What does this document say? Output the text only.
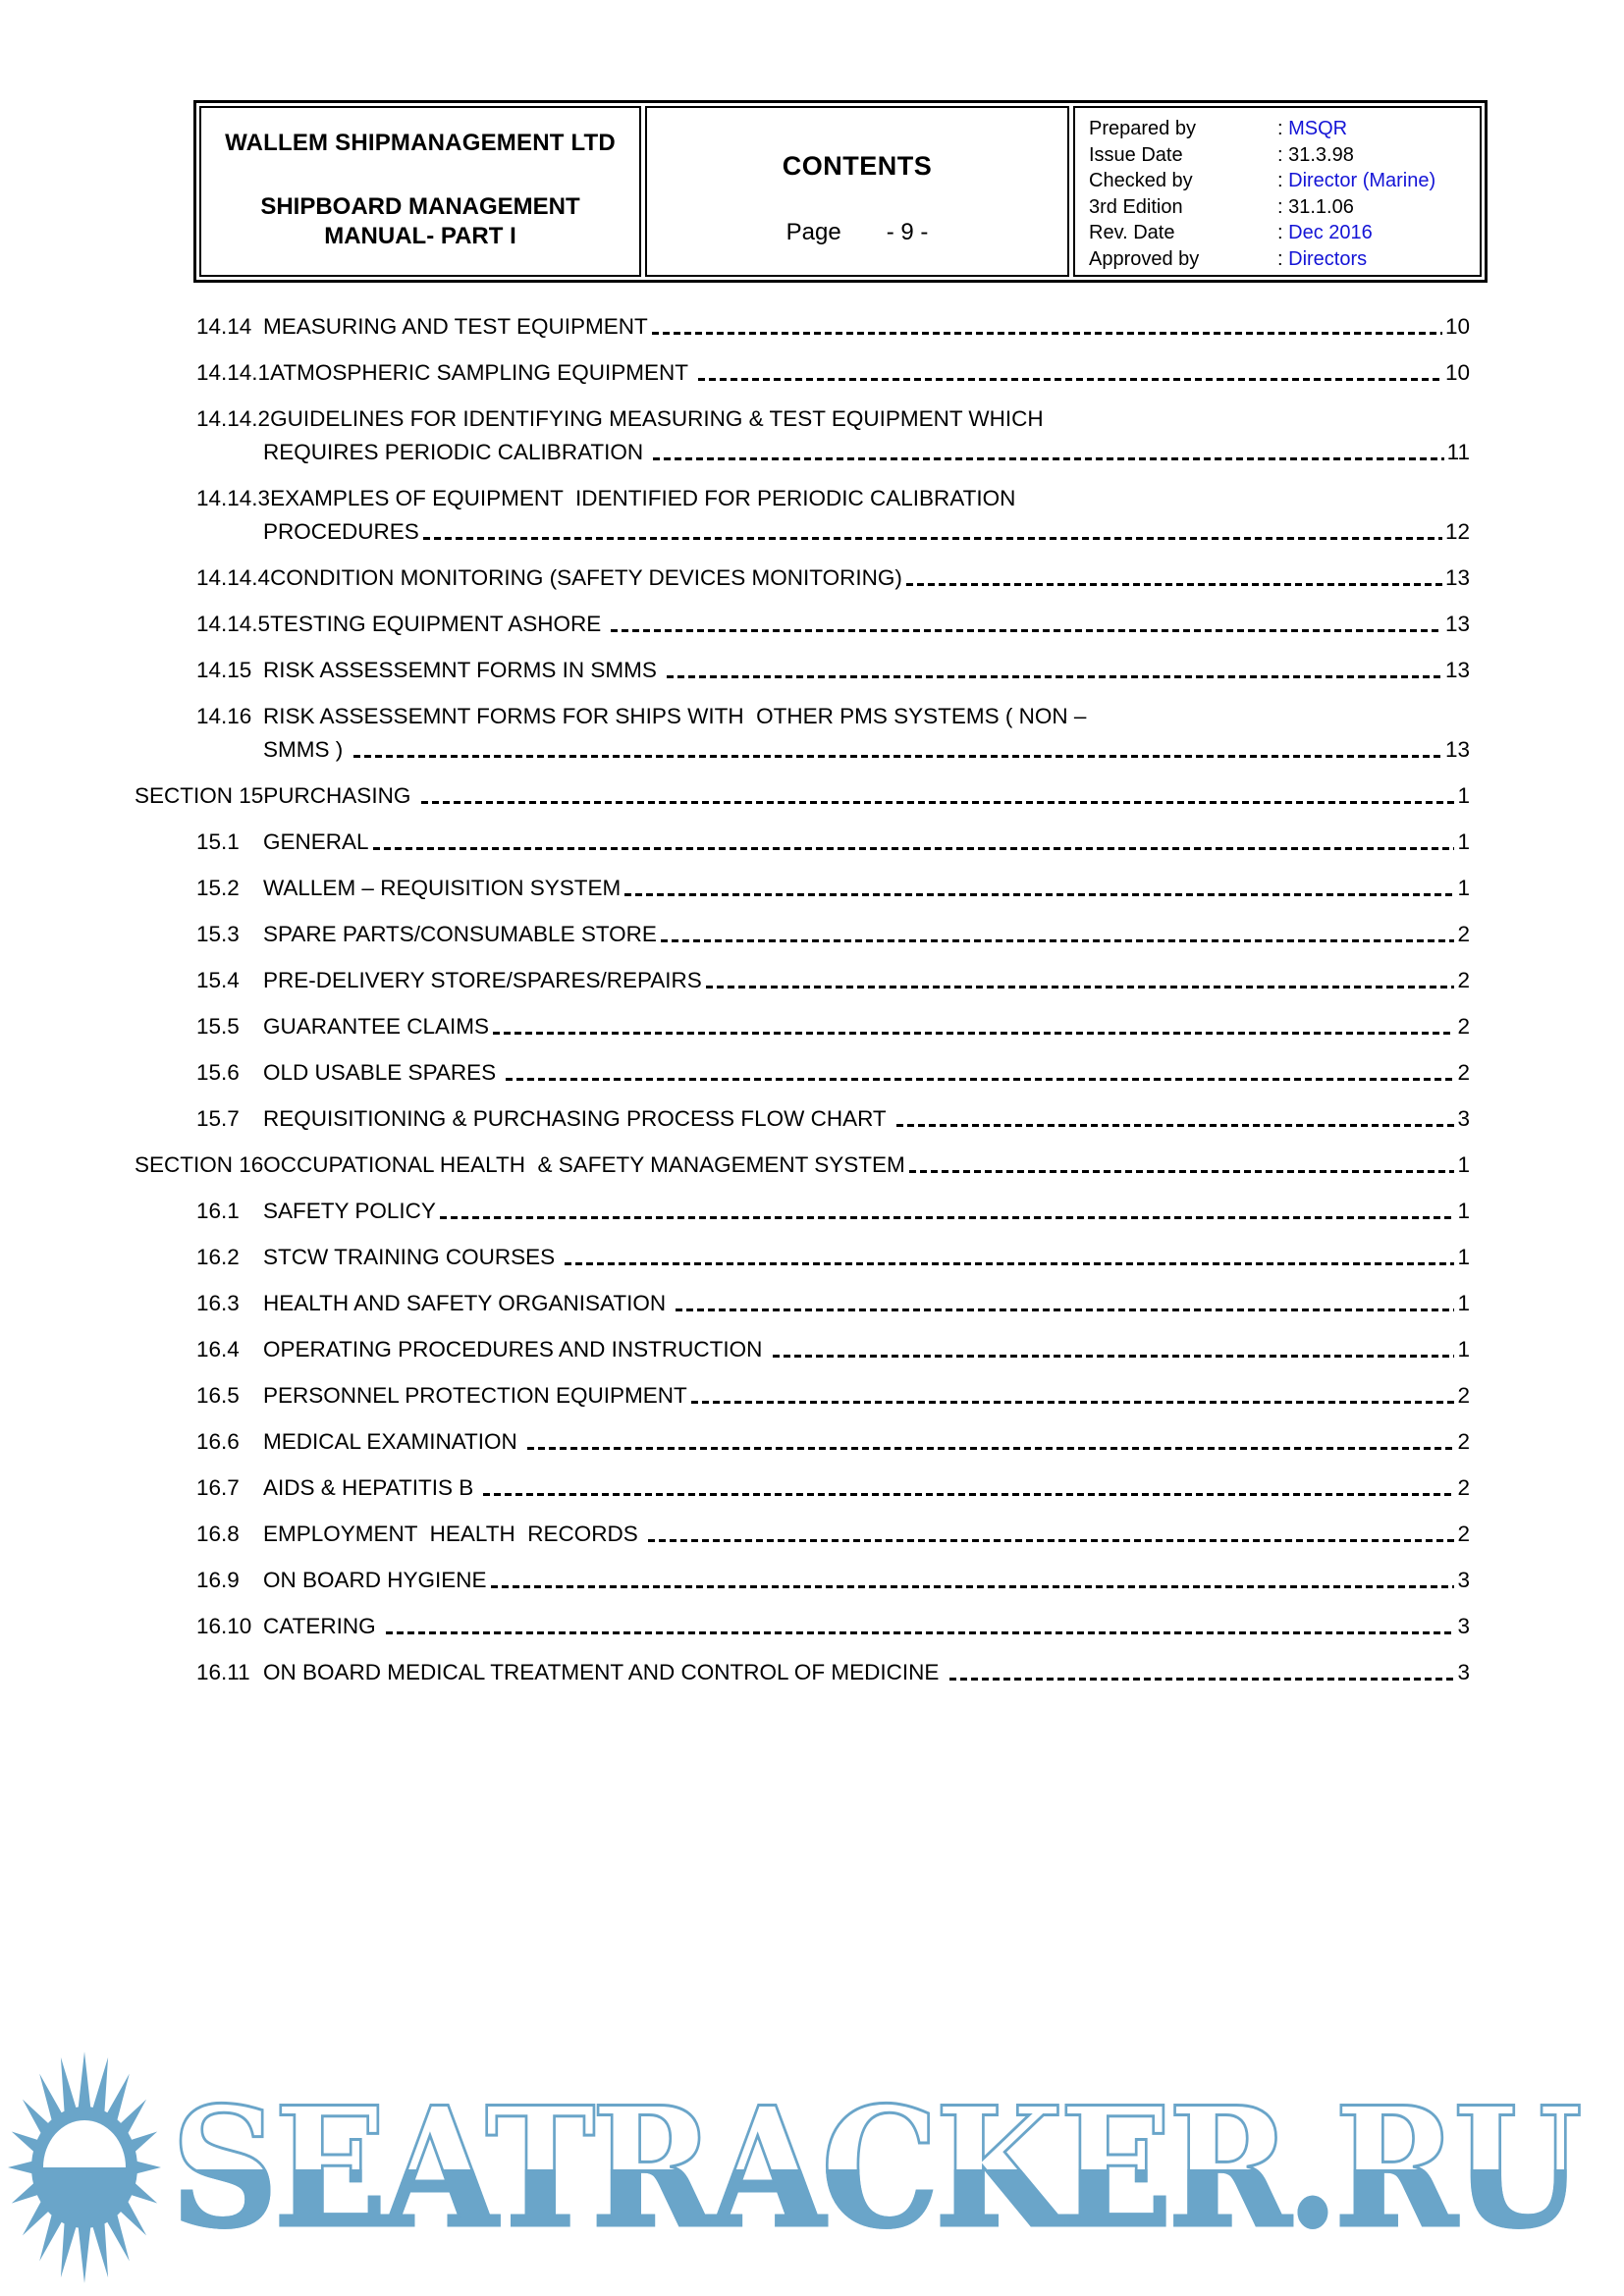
WALLEM SHIPMANAGEMENT LTD
SHIPBOARD MANAGEMENT
MANUAL- PART I
CONTENTS
Page - 9 -
Prepared by	: MSQR
Issue Date	: 31.3.98
Checked by	: Director (Marine)
3rd Edition	: 31.1.06
Rev. Date	: Dec 2016
Approved by	: Directors
14.14 MEASURING AND TEST EQUIPMENT	10
14.14.1 ATMOSPHERIC SAMPLING EQUIPMENT	10
14.14.2 GUIDELINES FOR IDENTIFYING MEASURING & TEST EQUIPMENT WHICH
REQUIRES PERIODIC CALIBRATION	11
14.14.3 EXAMPLES OF EQUIPMENT  IDENTIFIED FOR PERIODIC CALIBRATION
PROCEDURES	12
14.14.4 CONDITION MONITORING (SAFETY DEVICES MONITORING)	13
14.14.5 TESTING EQUIPMENT ASHORE	13
14.15 RISK ASSESSEMNT FORMS IN SMMS	13
14.16 RISK ASSESSEMNT FORMS FOR SHIPS WITH  OTHER PMS SYSTEMS ( NON –
SMMS )	13
SECTION 15 PURCHASING	1
15.1	GENERAL	1
15.2	WALLEM – REQUISITION SYSTEM	1
15.3	SPARE PARTS/CONSUMABLE STORE	2
15.4	PRE-DELIVERY STORE/SPARES/REPAIRS	2
15.5	GUARANTEE CLAIMS	2
15.6	OLD USABLE SPARES	2
15.7	REQUISITIONING & PURCHASING PROCESS FLOW CHART	3
SECTION 16 OCCUPATIONAL HEALTH  & SAFETY MANAGEMENT SYSTEM	1
16.1	SAFETY POLICY	1
16.2	STCW TRAINING COURSES	1
16.3	HEALTH AND SAFETY ORGANISATION	1
16.4	OPERATING PROCEDURES AND INSTRUCTION	1
16.5	PERSONNEL PROTECTION EQUIPMENT	2
16.6	MEDICAL EXAMINATION	2
16.7	AIDS & HEPATITIS B	2
16.8	EMPLOYMENT  HEALTH  RECORDS	2
16.9	ON BOARD HYGIENE	3
16.10 CATERING	3
16.11 ON BOARD MEDICAL TREATMENT AND CONTROL OF MEDICINE	3
SEATRACKER.RU
